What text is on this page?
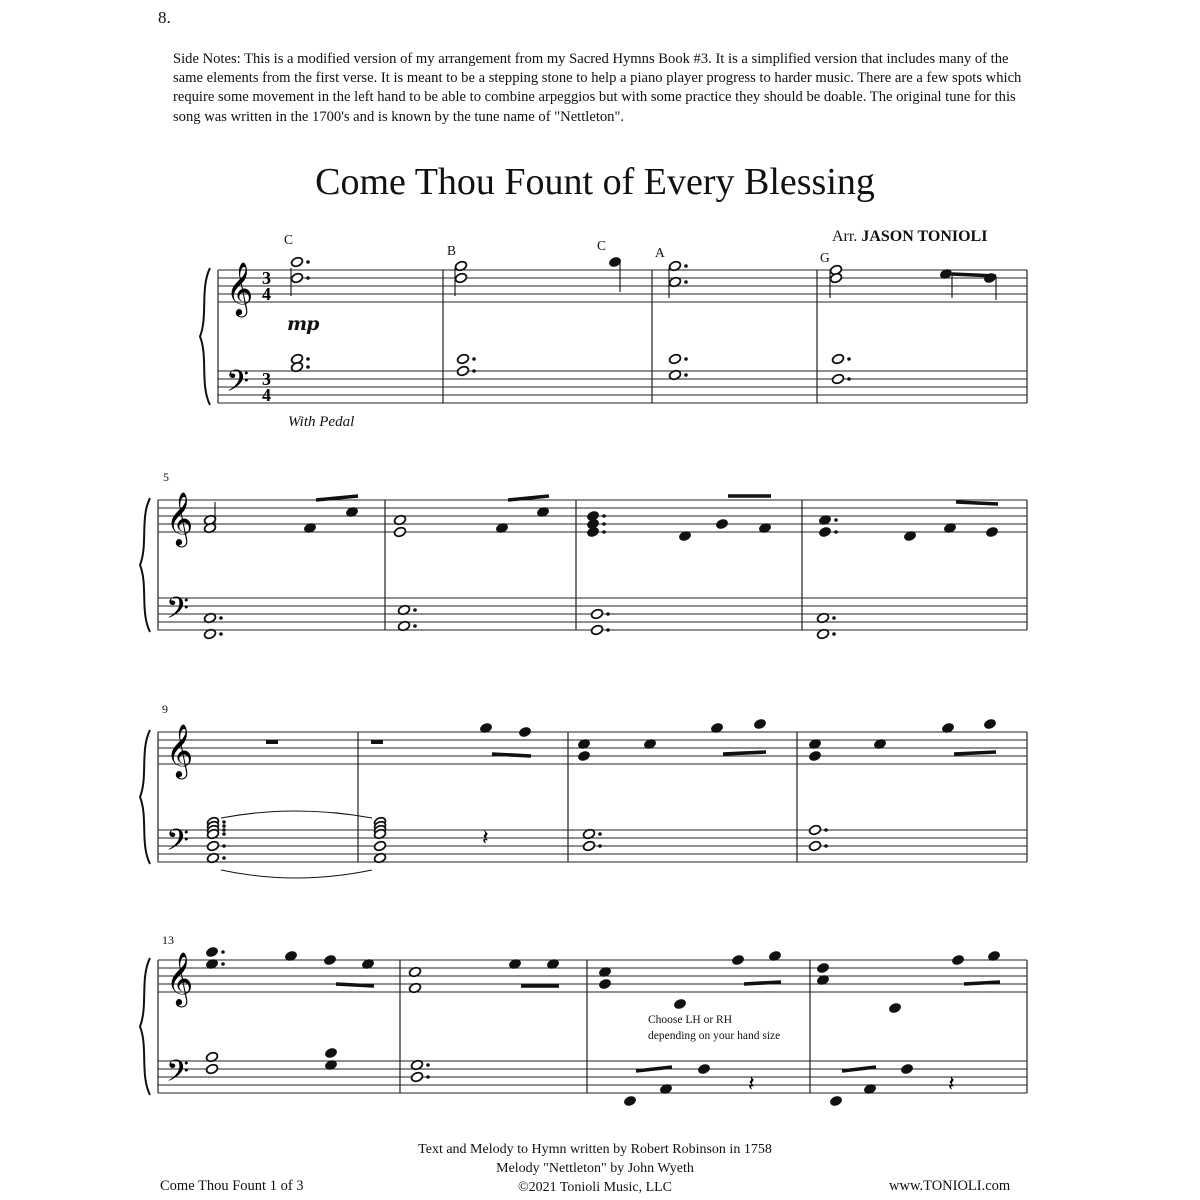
8.
Side Notes: This is a modified version of my arrangement from my Sacred Hymns Book #3. It is a simplified version that includes many of the same elements from the first verse. It is meant to be a stepping stone to help a piano player progress to harder music. There are a few spots which require some movement in the left hand to be able to combine arpeggios but with some practice they should be doable. The original tune for this song was written in the 1700's and is known by the tune name of "Nettleton".
Come Thou Fount of Every Blessing
Arr. JASON TONIOLI
𝄞
𝄢
3
4
3
4
𝄞
𝄢
𝄞
𝄢
𝄞
𝄢
𝄽
𝄽	𝄽
mp
With Pedal
C
B	C	A	G
5
9
13
Choose LH or RH
depending on your hand size
Text and Melody to Hymn written by Robert Robinson in 1758
Melody "Nettleton" by John Wyeth
©2021 Tonioli Music, LLC
Come Thou Fount 1 of 3	www.TONIOLI.com
